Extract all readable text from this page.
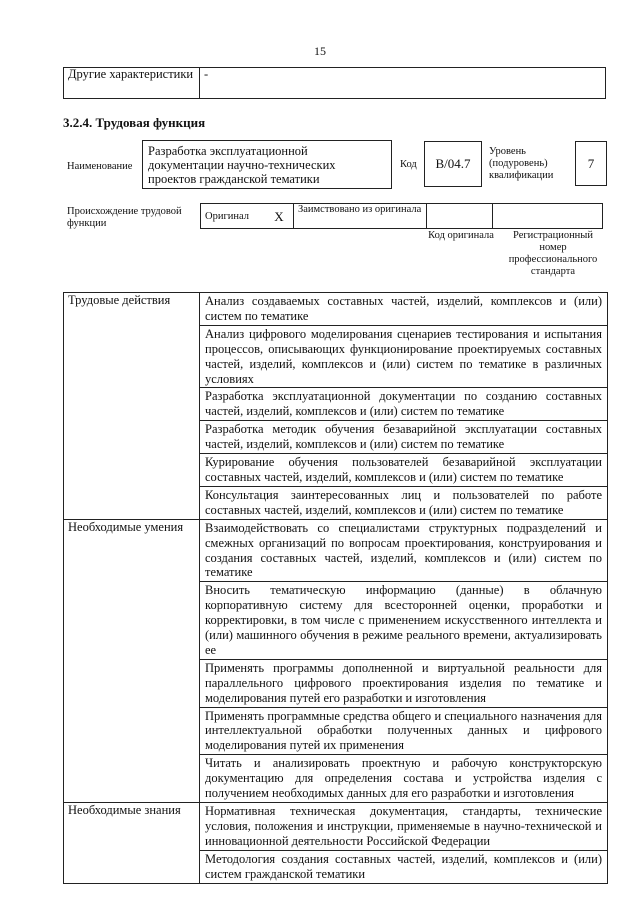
15
Другие характеристики	-
3.2.4. Трудовая функция
Наименование
Разработка эксплуатационной документации научно-технических проектов гражданской тематики
Код	B/04.7
Уровень (подуровень) квалификации
7
Происхождение трудовой функции
Оригинал	X	Заимствовано из оригинала		
Код оригинала	Регистрационный номер профессионального стандарта
Трудовые действия	Анализ создаваемых составных частей, изделий, комплексов и (или) систем по тематике
	Анализ цифрового моделирования сценариев тестирования и испытания процессов, описывающих функционирование проектируемых составных частей, изделий, комплексов и (или) систем по тематике в различных условиях
	Разработка эксплуатационной документации по созданию составных частей, изделий, комплексов и (или) систем по тематике
	Разработка методик обучения безаварийной эксплуатации составных частей, изделий, комплексов и (или) систем по тематике
	Курирование обучения пользователей безаварийной эксплуатации составных частей, изделий, комплексов и (или) систем по тематике
	Консультация заинтересованных лиц и пользователей по работе составных частей, изделий, комплексов и (или) систем по тематике
Необходимые умения	Взаимодействовать со специалистами структурных подразделений и смежных организаций по вопросам проектирования, конструирования и создания составных частей, изделий, комплексов и (или) систем по тематике
	Вносить тематическую информацию (данные) в облачную корпоративную систему для всесторонней оценки, проработки и корректировки, в том числе с применением искусственного интеллекта и (или) машинного обучения в режиме реального времени, актуализировать ее
	Применять программы дополненной и виртуальной реальности для параллельного цифрового проектирования изделия по тематике и моделирования путей его разработки и изготовления
	Применять программные средства общего и специального назначения для интеллектуальной обработки полученных данных и цифрового моделирования путей их применения
	Читать и анализировать проектную и рабочую конструкторскую документацию для определения состава и устройства изделия с получением необходимых данных для его разработки и изготовления
Необходимые знания	Нормативная техническая документация, стандарты, технические условия, положения и инструкции, применяемые в научно-технической и инновационной деятельности Российской Федерации
	Методология создания составных частей, изделий, комплексов и (или) систем гражданской тематики
